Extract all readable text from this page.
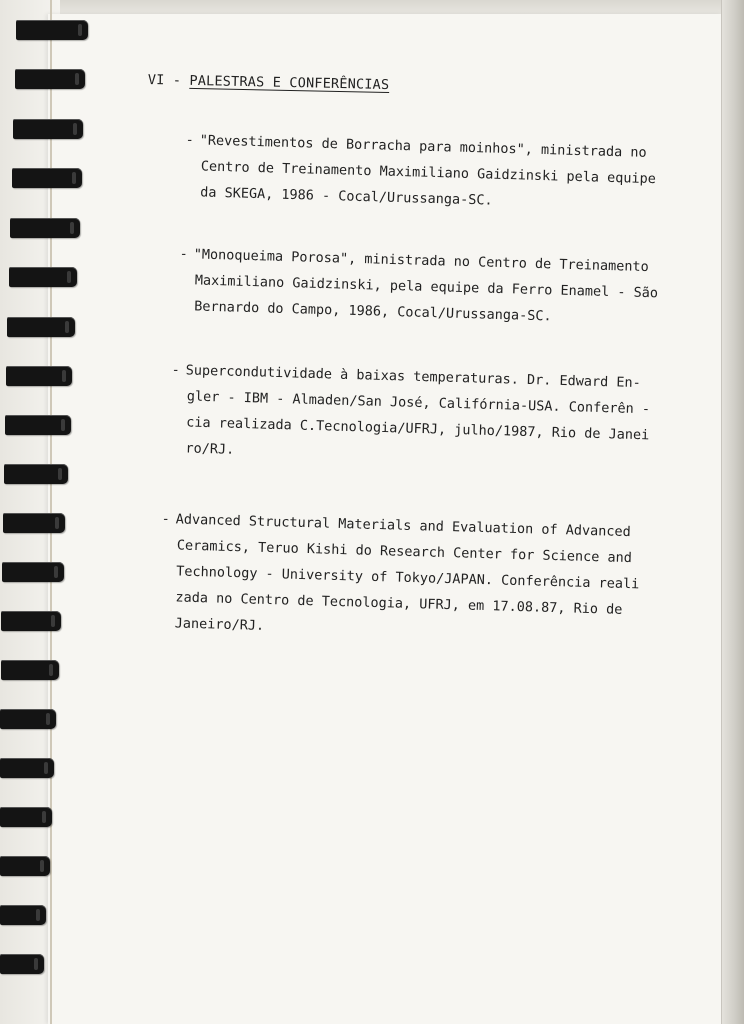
VI - PALESTRAS E CONFERÊNCIAS
- "Revestimentos de Borracha para moinhos", ministrada no
Centro de Treinamento Maximiliano Gaidzinski pela equipe
da SKEGA, 1986 - Cocal/Urussanga-SC.
- "Monoqueima Porosa", ministrada no Centro de Treinamento
Maximiliano Gaidzinski, pela equipe da Ferro Enamel - São
Bernardo do Campo, 1986, Cocal/Urussanga-SC.
- Supercondutividade à baixas temperaturas. Dr. Edward En-
gler - IBM - Almaden/San José, Califórnia-USA. Conferên -
cia realizada C.Tecnologia/UFRJ, julho/1987, Rio de Janei
ro/RJ.
- Advanced Structural Materials and Evaluation of Advanced
Ceramics, Teruo Kishi do Research Center for Science and
Technology - University of Tokyo/JAPAN. Conferência reali
zada no Centro de Tecnologia, UFRJ, em 17.08.87, Rio de
Janeiro/RJ.
